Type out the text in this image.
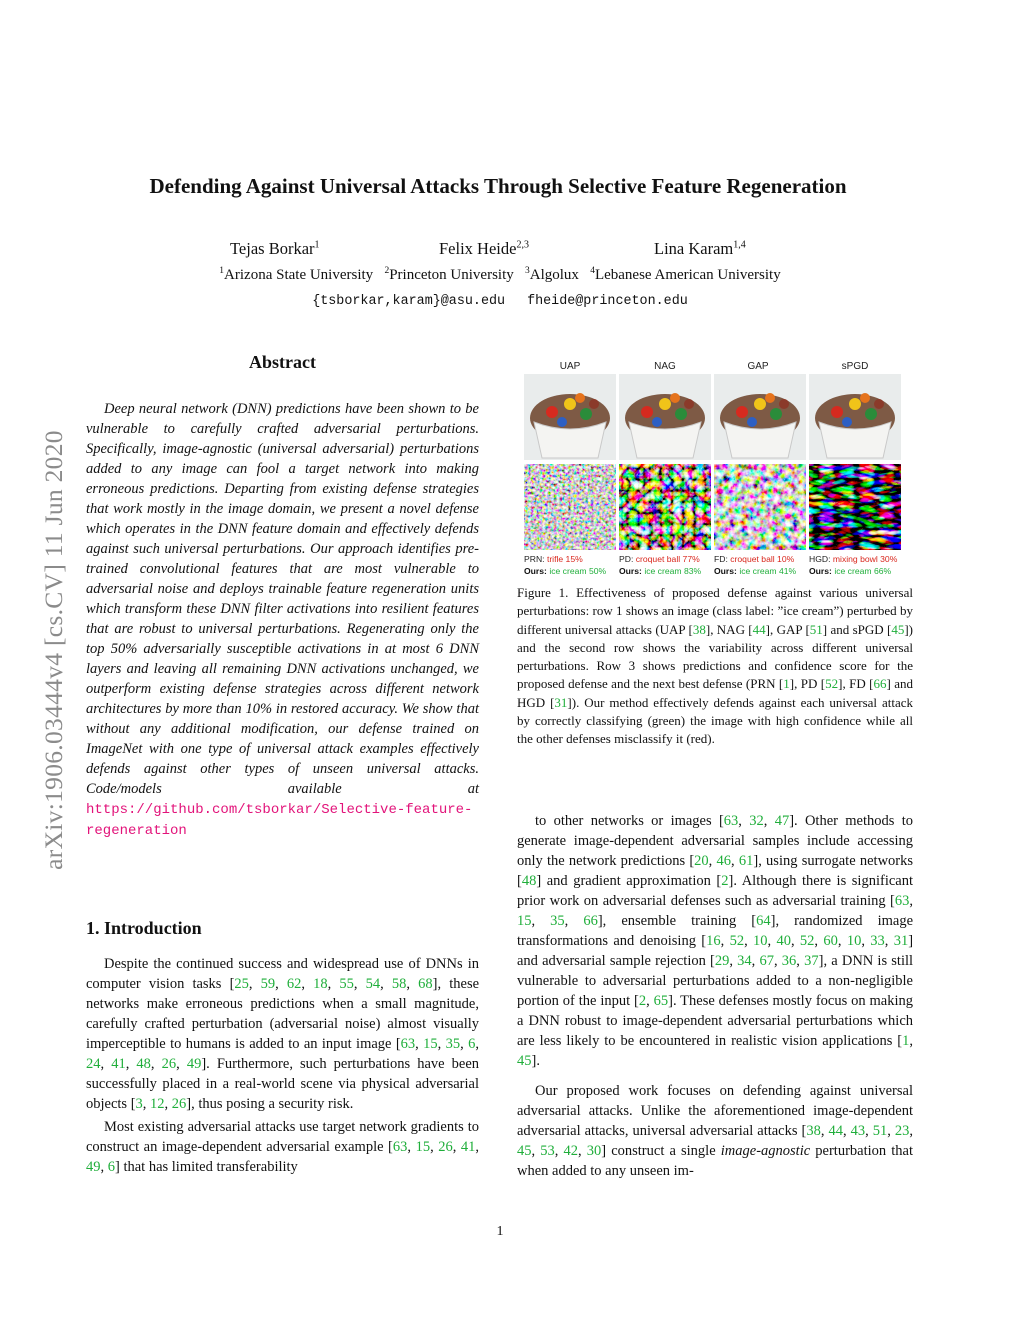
arXiv:1906.03444v4 [cs.CV] 11 Jun 2020
Defending Against Universal Attacks Through Selective Feature Regeneration
Tejas Borkar$^1$	Felix Heide$^{2,3}$	Lina Karam$^{1,4}$
$^1$Arizona State University $^2$Princeton University $^3$Algolux $^4$Lebanese American University
{tsborkar,karam}@asu.edu fheide@princeton.edu
Abstract

Deep neural network (DNN) predictions have been shown to be vulnerable to carefully crafted adversarial perturbations. Specifically, image-agnostic (universal adversarial) perturbations added to any image can fool a target network into making erroneous predictions. Departing from existing defense strategies that work mostly in the image domain, we present a novel defense which operates in the DNN feature domain and effectively defends against such universal perturbations. Our approach identifies pre-trained convolutional features that are most vulnerable to adversarial noise and deploys trainable feature regeneration units which transform these DNN filter activations into resilient features that are robust to universal perturbations. Regenerating only the top 50% adversarially susceptible activations in at most 6 DNN layers and leaving all remaining DNN activations unchanged, we outperform existing defense strategies across different network architectures by more than 10% in restored accuracy. We show that without any additional modification, our defense trained on ImageNet with one type of universal attack examples effectively defends against other types of unseen universal attacks. Code/models available at https://github.com/tsborkar/Selective-feature-regeneration

1. Introduction

Despite the continued success and widespread use of DNNs in computer vision tasks [25, 59, 62, 18, 55, 54, 58, 68], these networks make erroneous predictions when a small magnitude, carefully crafted perturbation (adversarial noise) almost visually imperceptible to humans is added to an input image [63, 15, 35, 6, 24, 41, 48, 26, 49]. Furthermore, such perturbations have been successfully placed in a real-world scene via physical adversarial objects [3, 12, 26], thus posing a security risk.

Most existing adversarial attacks use target network gradients to construct an image-dependent adversarial example [63, 15, 26, 41, 49, 6] that has limited transferability

UAP	NAG	GAP	sPGD
PRN: trifle 15%	PD: croquet ball 77% FD: croquet ball 10% HGD: mixing bowl 30%
Ours: ice cream 50% Ours: ice cream 83% Ours: ice cream 41% Ours: ice cream 66%

Figure 1. Effectiveness of proposed defense against various universal perturbations: row 1 shows an image (class label: ”ice cream”) perturbed by different universal attacks (UAP [38], NAG [44], GAP [51] and sPGD [45]) and the second row shows the variability across different universal perturbations. Row 3 shows predictions and confidence score for the proposed defense and the next best defense (PRN [1], PD [52], FD [66] and HGD [31]). Our method effectively defends against each universal attack by correctly classifying (green) the image with high confidence while all the other defenses misclassify it (red).

to other networks or images [63, 32, 47]. Other methods to generate image-dependent adversarial samples include accessing only the network predictions [20, 46, 61], using surrogate networks [48] and gradient approximation [2]. Although there is significant prior work on adversarial defenses such as adversarial training [63, 15, 35, 66], ensemble training [64], randomized image transformations and denoising [16, 52, 10, 40, 52, 60, 10, 33, 31] and adversarial sample rejection [29, 34, 67, 36, 37], a DNN is still vulnerable to adversarial perturbations added to a non-negligible portion of the input [2, 65]. These defenses mostly focus on making a DNN robust to image-dependent adversarial perturbations which are less likely to be encountered in realistic vision applications [1, 45].

Our proposed work focuses on defending against universal adversarial attacks. Unlike the aforementioned image-dependent adversarial attacks, universal adversarial attacks [38, 44, 43, 51, 23, 45, 53, 42, 30] construct a single image-agnostic perturbation that when added to any unseen im-

1
